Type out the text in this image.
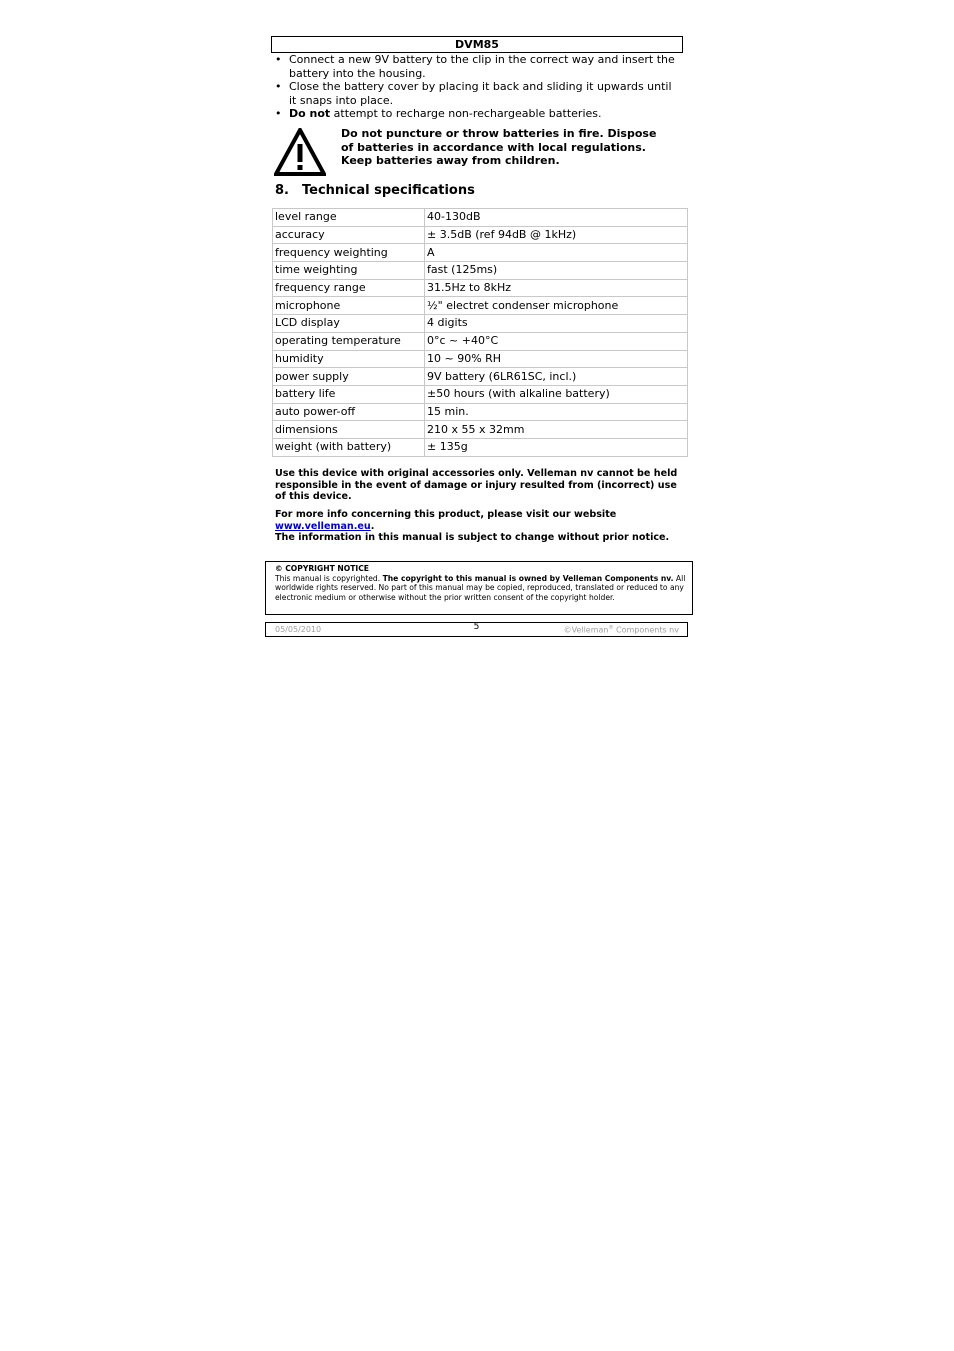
DVM85
• Connect a new 9V battery to the clip in the correct way and insert the battery into the housing.
• Close the battery cover by placing it back and sliding it upwards until it snaps into place.
• Do not attempt to recharge non-rechargeable batteries.
Do not puncture or throw batteries in fire. Dispose of batteries in accordance with local regulations. Keep batteries away from children.
8. Technical specifications
level range	40-130dB
accuracy	± 3.5dB (ref 94dB @ 1kHz)
frequency weighting	A
time weighting	fast (125ms)
frequency range	31.5Hz to 8kHz
microphone	½" electret condenser microphone
LCD display	4 digits
operating temperature	0°c ~ +40°C
humidity	10 ~ 90% RH
power supply	9V battery (6LR61SC, incl.)
battery life	±50 hours (with alkaline battery)
auto power-off	15 min.
dimensions	210 x 55 x 32mm
weight (with battery)	± 135g
Use this device with original accessories only. Velleman nv cannot be held responsible in the event of damage or injury resulted from (incorrect) use of this device.
For more info concerning this product, please visit our website
www.velleman.eu.
The information in this manual is subject to change without prior notice.
© COPYRIGHT NOTICE
This manual is copyrighted. The copyright to this manual is owned by Velleman Components nv. All worldwide rights reserved. No part of this manual may be copied, reproduced, translated or reduced to any electronic medium or otherwise without the prior written consent of the copyright holder.
05/05/2010	5	©Velleman® Components nv
